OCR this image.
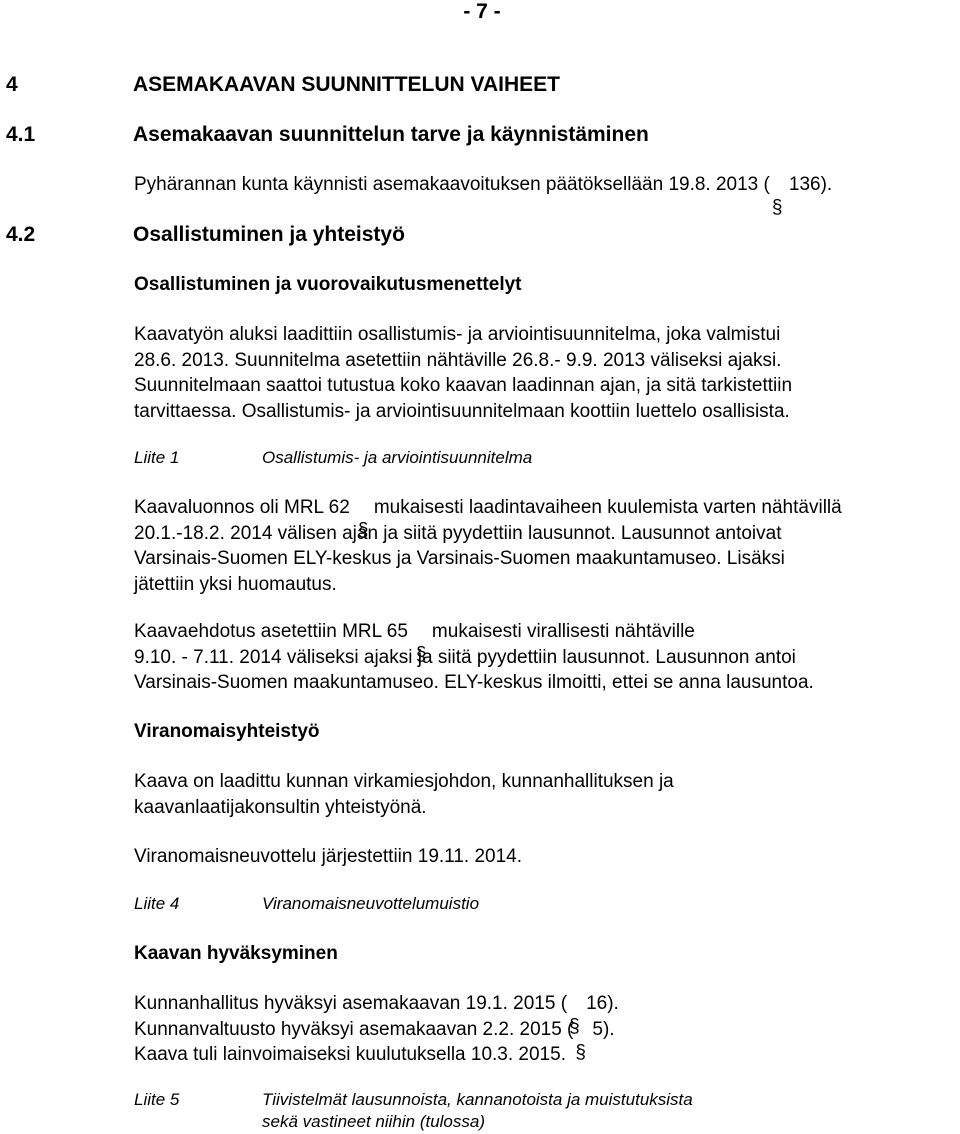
- 7 -
4	ASEMAKAAVAN SUUNNITTELUN VAIHEET
4.1	Asemakaavan suunnittelun tarve ja käynnistäminen
Pyhärannan kunta käynnisti asemakaavoituksen päätöksellään 19.8. 2013 ( 136).
4.2	Osallistuminen ja yhteistyö
Osallistuminen ja vuorovaikutusmenettelyt
Kaavatyön aluksi laadittiin osallistumis- ja arviointisuunnitelma, joka valmistui
28.6. 2013. Suunnitelma asetettiin nähtäville 26.8.- 9.9. 2013 väliseksi ajaksi.
Suunnitelmaan saattoi tutustua koko kaavan laadinnan ajan, ja sitä tarkistettiin
tarvittaessa. Osallistumis- ja arviointisuunnitelmaan koottiin luettelo osallisista.
Liite 1	Osallistumis- ja arviointisuunnitelma
Kaavaluonnos oli MRL 62 mukaisesti laadintavaiheen kuulemista varten nähtävillä
20.1.-18.2. 2014 välisen ajan ja siitä pyydettiin lausunnot. Lausunnot antoivat
Varsinais-Suomen ELY-keskus ja Varsinais-Suomen maakuntamuseo. Lisäksi
jätettiin yksi huomautus.
Kaavaehdotus asetettiin MRL 65 mukaisesti virallisesti nähtäville
9.10. - 7.11. 2014 väliseksi ajaksi ja siitä pyydettiin lausunnot. Lausunnon antoi
Varsinais-Suomen maakuntamuseo. ELY-keskus ilmoitti, ettei se anna lausuntoa.
Viranomaisyhteistyö
Kaava on laadittu kunnan virkamiesjohdon, kunnanhallituksen ja
kaavanlaatijakonsultin yhteistyönä.
Viranomaisneuvottelu järjestettiin 19.11. 2014.
Liite 4	Viranomaisneuvottelumuistio
Kaavan hyväksyminen
Kunnanhallitus hyväksyi asemakaavan 19.1. 2015 ( 16).
Kunnanvaltuusto hyväksyi asemakaavan 2.2. 2015 ( 5).
Kaava tuli lainvoimaiseksi kuulutuksella 10.3. 2015.
Liite 5	Tiivistelmät lausunnoista, kannanotoista ja muistutuksista
sekä vastineet niihin (tulossa)
